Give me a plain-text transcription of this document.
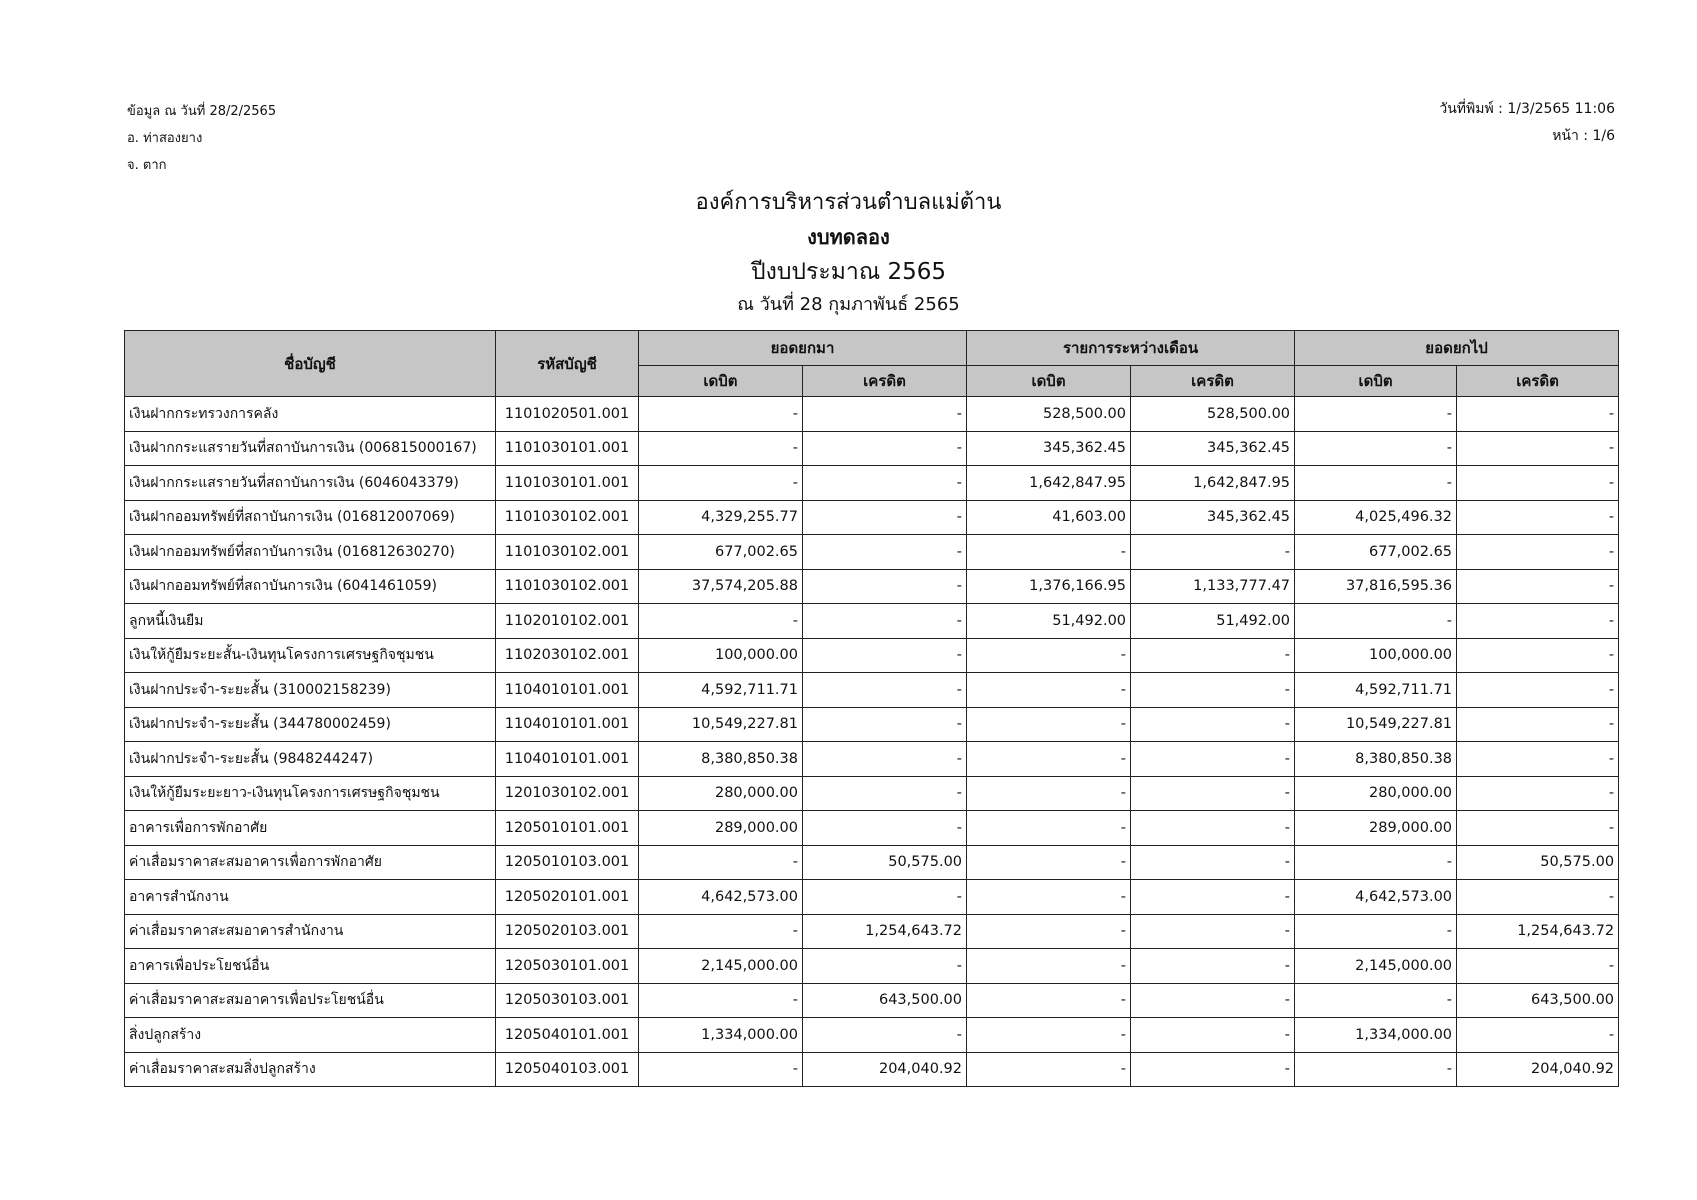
ข้อมูล ณ วันที่ 28/2/2565
อ. ท่าสองยาง
จ. ตาก
วันที่พิมพ์ : 1/3/2565 11:06
หน้า : 1/6
องค์การบริหารส่วนตำบลแม่ต้าน
งบทดลอง
ปีงบประมาณ 2565
ณ วันที่ 28 กุมภาพันธ์ 2565
ชื่อบัญชี	รหัสบัญชี	ยอดยกมา		รายการระหว่างเดือน		ยอดยกไป	
		เดบิต	เครดิต	เดบิต	เครดิต	เดบิต	เครดิต
เงินฝากกระทรวงการคลัง	1101020501.001	-	-	528,500.00	528,500.00	-	-
เงินฝากกระแสรายวันที่สถาบันการเงิน (006815000167)	1101030101.001	-	-	345,362.45	345,362.45	-	-
เงินฝากกระแสรายวันที่สถาบันการเงิน (6046043379)	1101030101.001	-	-	1,642,847.95	1,642,847.95	-	-
เงินฝากออมทรัพย์ที่สถาบันการเงิน (016812007069)	1101030102.001	4,329,255.77	-	41,603.00	345,362.45	4,025,496.32	-
เงินฝากออมทรัพย์ที่สถาบันการเงิน (016812630270)	1101030102.001	677,002.65	-	-	-	677,002.65	-
เงินฝากออมทรัพย์ที่สถาบันการเงิน (6041461059)	1101030102.001	37,574,205.88	-	1,376,166.95	1,133,777.47	37,816,595.36	-
ลูกหนี้เงินยืม	1102010102.001	-	-	51,492.00	51,492.00	-	-
เงินให้กู้ยืมระยะสั้น-เงินทุนโครงการเศรษฐกิจชุมชน	1102030102.001	100,000.00	-	-	-	100,000.00	-
เงินฝากประจำ-ระยะสั้น (310002158239)	1104010101.001	4,592,711.71	-	-	-	4,592,711.71	-
เงินฝากประจำ-ระยะสั้น (344780002459)	1104010101.001	10,549,227.81	-	-	-	10,549,227.81	-
เงินฝากประจำ-ระยะสั้น (9848244247)	1104010101.001	8,380,850.38	-	-	-	8,380,850.38	-
เงินให้กู้ยืมระยะยาว-เงินทุนโครงการเศรษฐกิจชุมชน	1201030102.001	280,000.00	-	-	-	280,000.00	-
อาคารเพื่อการพักอาศัย	1205010101.001	289,000.00	-	-	-	289,000.00	-
ค่าเสื่อมราคาสะสมอาคารเพื่อการพักอาศัย	1205010103.001	-	50,575.00	-	-	-	50,575.00
อาคารสำนักงาน	1205020101.001	4,642,573.00	-	-	-	4,642,573.00	-
ค่าเสื่อมราคาสะสมอาคารสำนักงาน	1205020103.001	-	1,254,643.72	-	-	-	1,254,643.72
อาคารเพื่อประโยชน์อื่น	1205030101.001	2,145,000.00	-	-	-	2,145,000.00	-
ค่าเสื่อมราคาสะสมอาคารเพื่อประโยชน์อื่น	1205030103.001	-	643,500.00	-	-	-	643,500.00
สิ่งปลูกสร้าง	1205040101.001	1,334,000.00	-	-	-	1,334,000.00	-
ค่าเสื่อมราคาสะสมสิ่งปลูกสร้าง	1205040103.001	-	204,040.92	-	-	-	204,040.92
